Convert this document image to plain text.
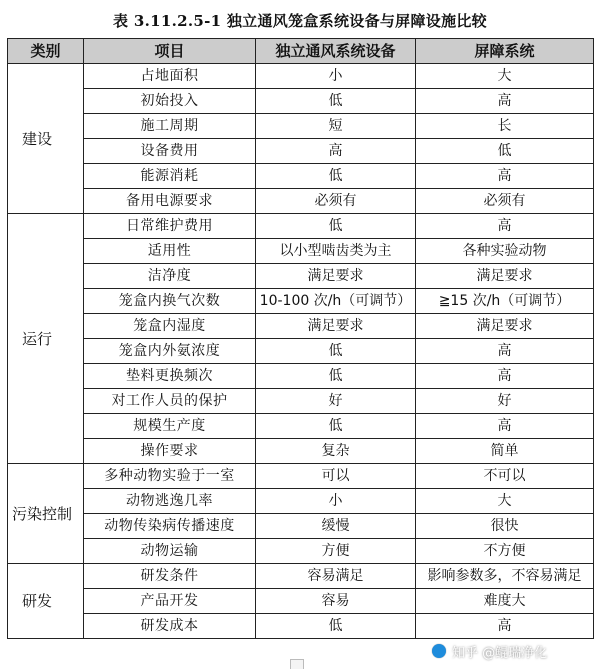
表 3.11.2.5-1 独立通风笼盒系统设备与屏障设施比较
类别	项目	独立通风系统设备	屏障系统
建设	占地面积	小	大
	初始投入	低	高
	施工周期	短	长
	设备费用	高	低
	能源消耗	低	高
	备用电源要求	必须有	必须有
运行	日常维护费用	低	高
	适用性	以小型啮齿类为主	各种实验动物
	洁净度	满足要求	满足要求
	笼盒内换气次数	10-100 次/h（可调节）	≧15 次/h（可调节）
	笼盒内湿度	满足要求	满足要求
	笼盒内外氨浓度	低	高
	垫料更换频次	低	高
	对工作人员的保护	好	好
	规模生产度	低	高
	操作要求	复杂	简单
污染控制	多种动物实验于一室	可以	不可以
	动物逃逸几率	小	大
	动物传染病传播速度	缓慢	很快
	动物运输	方便	不方便
研发	研发条件	容易满足	影响参数多，不容易满足
	产品开发	容易	难度大
	研发成本	低	高
知乎 @鲲瑞净化
